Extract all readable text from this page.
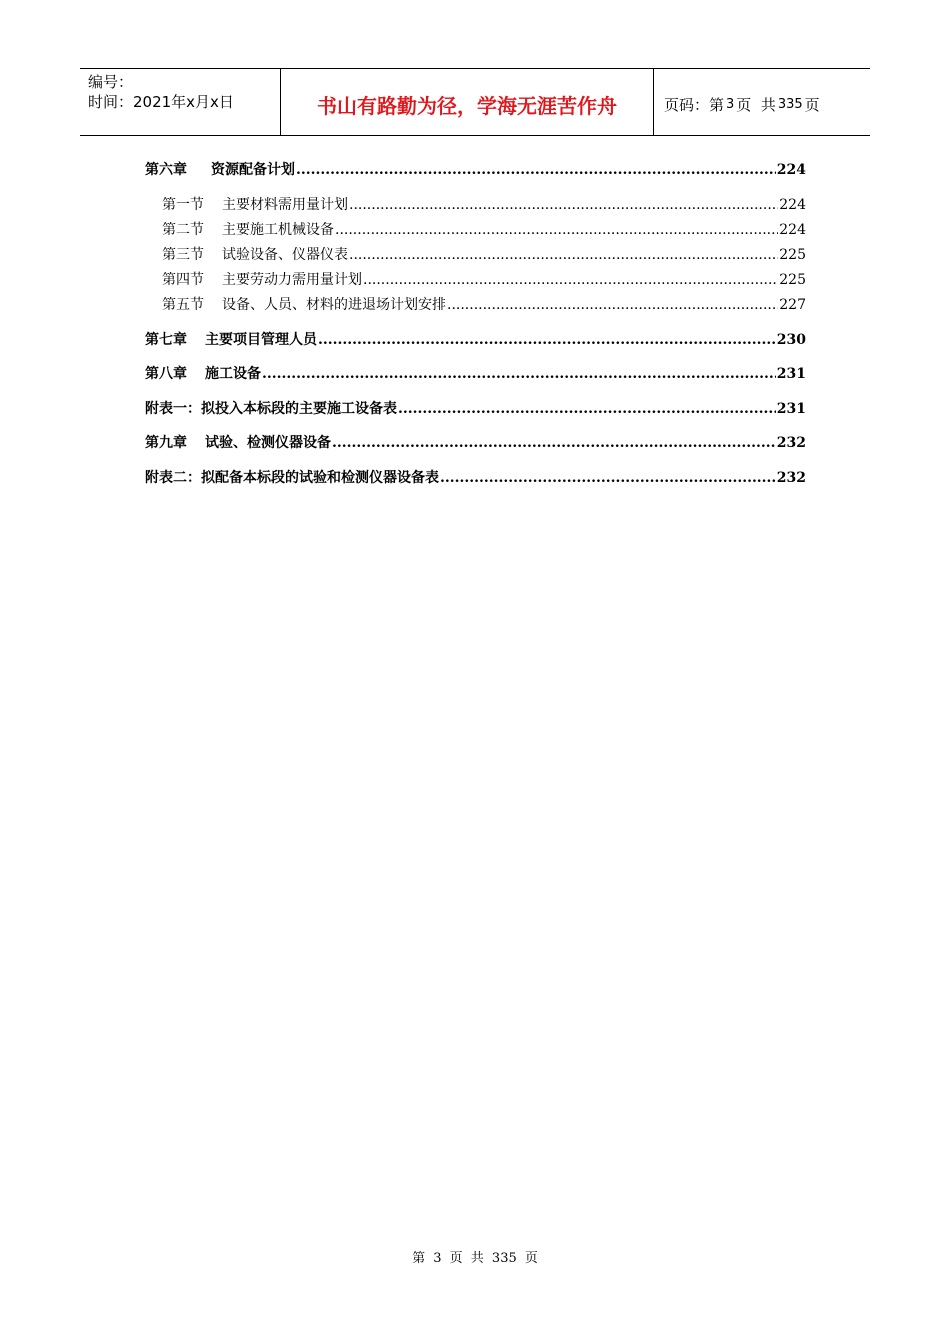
编号：
时间：2021年x月x日	书山有路勤为径，学海无涯苦作舟	页码：第 3 页  共 335 页
第六章 资源配备计划 .....	224
第一节 主要材料需用量计划 .....	224
第二节 主要施工机械设备 .....	224
第三节 试验设备、仪器仪表 .....	225
第四节 主要劳动力需用量计划 .....	225
第五节 设备、人员、材料的进退场计划安排 .....	227
第七章 主要项目管理人员 .....	230
第八章 施工设备 .....	231
附表一： 拟投入本标段的主要施工设备表 .....	231
第九章 试验、检测仪器设备 .....	232
附表二： 拟配备本标段的试验和检测仪器设备表 .....	232
第 3 页 共 335 页
